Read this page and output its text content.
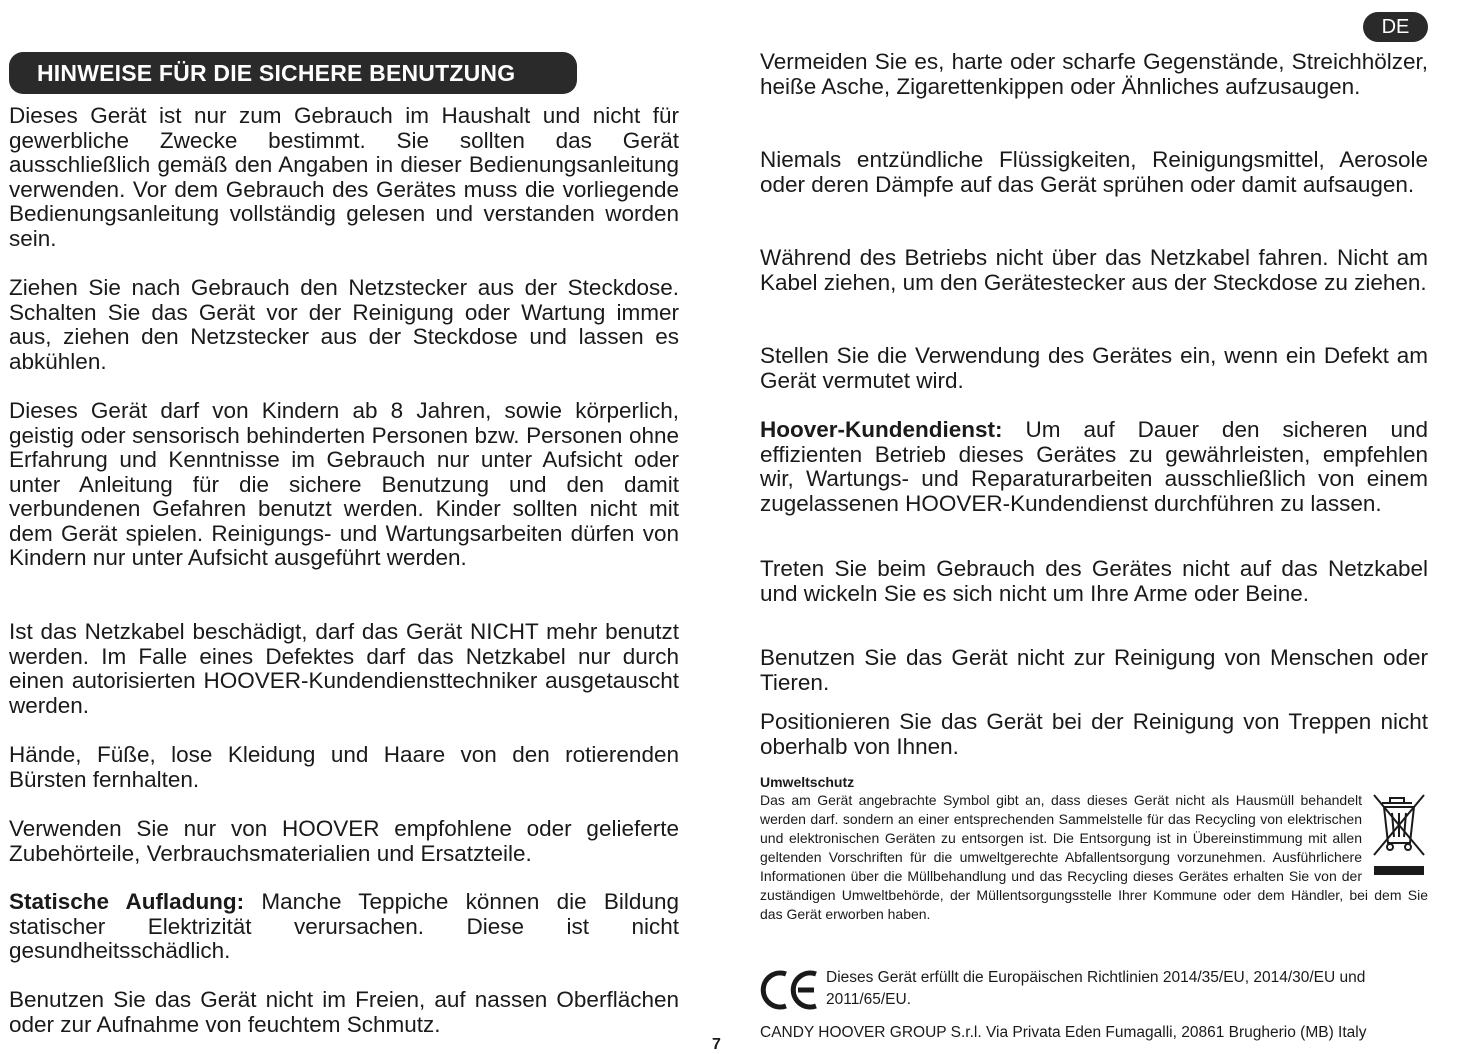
HINWEISE FÜR DIE SICHERE BENUTZUNG
DE

Dieses Gerät ist nur zum Gebrauch im Haushalt und nicht für gewerbliche Zwecke bestimmt. Sie sollten das Gerät ausschließlich gemäß den Angaben in dieser Bedienungsanleitung verwenden. Vor dem Gebrauch des Gerätes muss die vorliegende Bedienungsanleitung vollständig gelesen und verstanden worden sein.

Ziehen Sie nach Gebrauch den Netzstecker aus der Steckdose. Schalten Sie das Gerät vor der Reinigung oder Wartung immer aus, ziehen den Netzstecker aus der Steckdose und lassen es abkühlen.

Dieses Gerät darf von Kindern ab 8 Jahren, sowie körperlich, geistig oder sensorisch behinderten Personen bzw. Personen ohne Erfahrung und Kenntnisse im Gebrauch nur unter Aufsicht oder unter Anleitung für die sichere Benutzung und den damit verbundenen Gefahren benutzt werden. Kinder sollten nicht mit dem Gerät spielen. Reinigungs- und Wartungsarbeiten dürfen von Kindern nur unter Aufsicht ausgeführt werden.

Ist das Netzkabel beschädigt, darf das Gerät NICHT mehr benutzt werden. Im Falle eines Defektes darf das Netzkabel nur durch einen autorisierten HOOVER-Kundendiensttechniker ausgetauscht werden.

Hände, Füße, lose Kleidung und Haare von den rotierenden Bürsten fernhalten.

Verwenden Sie nur von HOOVER empfohlene oder gelieferte Zubehörteile, Verbrauchsmaterialien und Ersatzteile.

Statische Aufladung: Manche Teppiche können die Bildung statischer Elektrizität verursachen. Diese ist nicht gesundheitsschädlich.

Benutzen Sie das Gerät nicht im Freien, auf nassen Oberflächen oder zur Aufnahme von feuchtem Schmutz.

Vermeiden Sie es, harte oder scharfe Gegenstände, Streichhölzer, heiße Asche, Zigarettenkippen oder Ähnliches aufzusaugen.

Niemals entzündliche Flüssigkeiten, Reinigungsmittel, Aerosole oder deren Dämpfe auf das Gerät sprühen oder damit aufsaugen.

Während des Betriebs nicht über das Netzkabel fahren. Nicht am Kabel ziehen, um den Gerätestecker aus der Steckdose zu ziehen.

Stellen Sie die Verwendung des Gerätes ein, wenn ein Defekt am Gerät vermutet wird.

Hoover-Kundendienst: Um auf Dauer den sicheren und effizienten Betrieb dieses Gerätes zu gewährleisten, empfehlen wir, Wartungs- und Reparaturarbeiten ausschließlich von einem zugelassenen HOOVER-Kundendienst durchführen zu lassen.

Treten Sie beim Gebrauch des Gerätes nicht auf das Netzkabel und wickeln Sie es sich nicht um Ihre Arme oder Beine.

Benutzen Sie das Gerät nicht zur Reinigung von Menschen oder Tieren.

Positionieren Sie das Gerät bei der Reinigung von Treppen nicht oberhalb von Ihnen.

Umweltschutz
Das am Gerät angebrachte Symbol gibt an, dass dieses Gerät nicht als Hausmüll behandelt werden darf. sondern an einer entsprechenden Sammelstelle für das Recycling von elektrischen und elektronischen Geräten zu entsorgen ist. Die Entsorgung ist in Übereinstimmung mit allen geltenden Vorschriften für die umweltgerechte Abfallentsorgung vorzunehmen. Ausführlichere Informationen über die Müllbehandlung und das Recycling dieses Gerätes erhalten Sie von der zuständigen Umweltbehörde, der Müllentsorgungsstelle Ihrer Kommune oder dem Händler, bei dem Sie das Gerät erworben haben.

Dieses Gerät erfüllt die Europäischen Richtlinien 2014/35/EU, 2014/30/EU und 2011/65/EU.

CANDY HOOVER GROUP S.r.l. Via Privata Eden Fumagalli, 20861 Brugherio (MB) Italy

7
